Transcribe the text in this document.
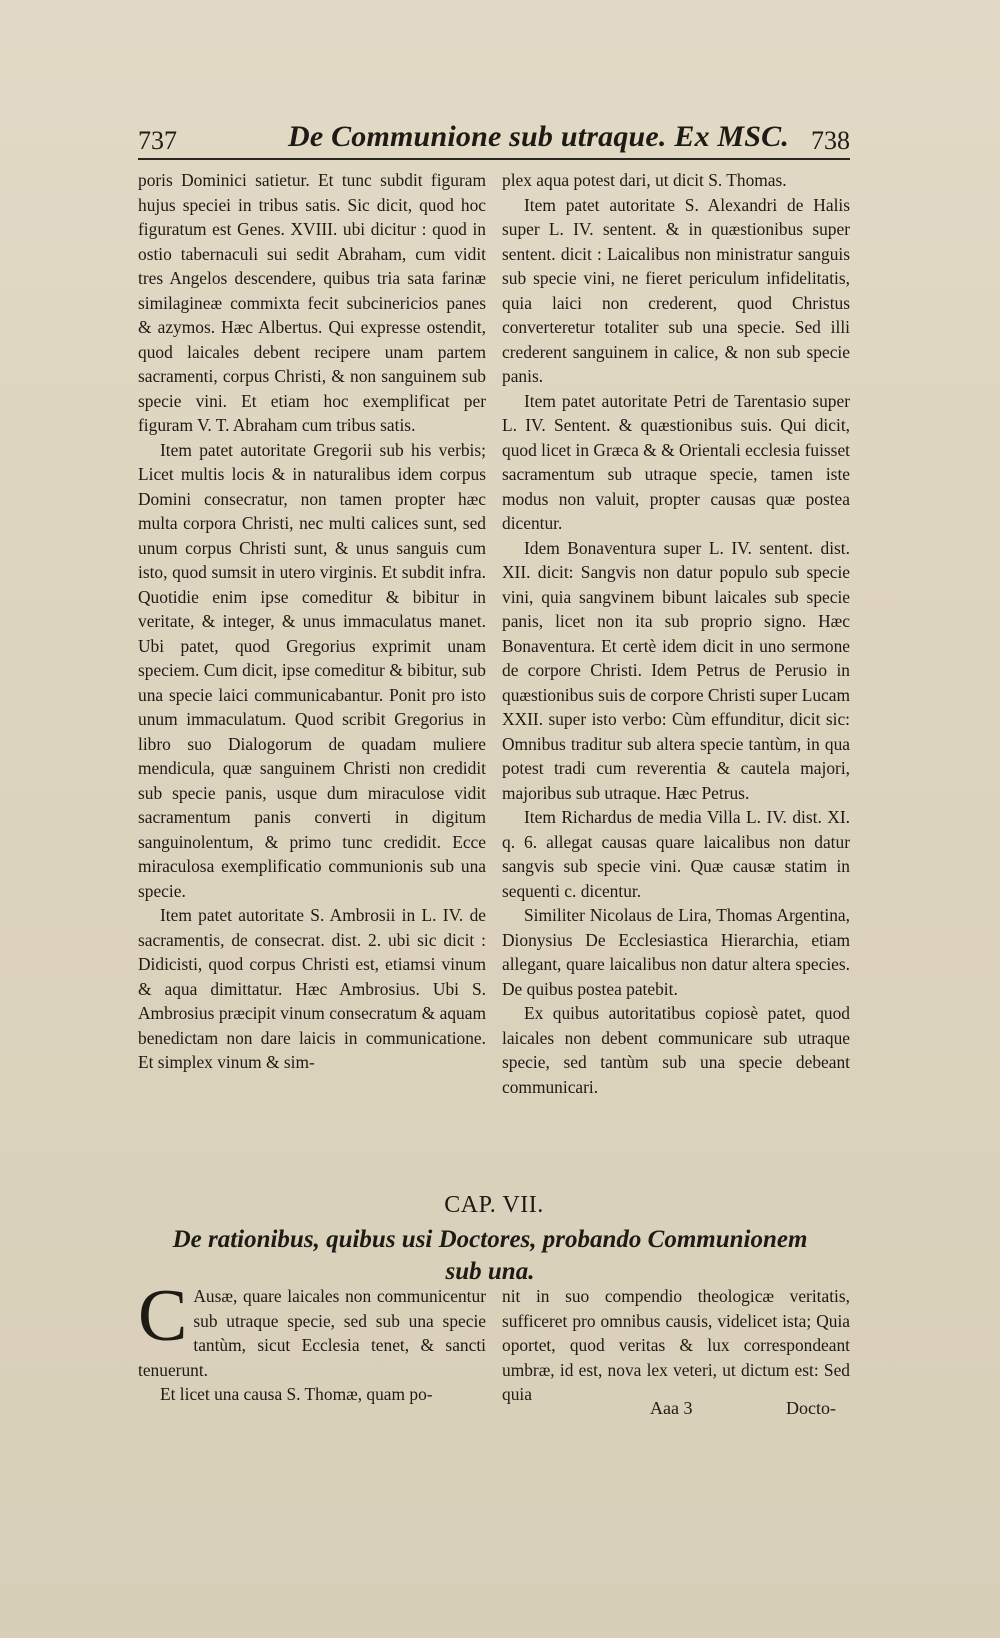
737	De Communione sub utraque. Ex MSC. 738

poris Dominici satietur. Et tunc subdit figuram hujus speciei in tribus satis. Sic dicit, quod hoc figuratum est Genes. XVIII. ubi dicitur : quod in ostio tabernaculi sui sedit Abraham, cum vidit tres Angelos descendere, quibus tria sata farinæ similagineæ commixta fecit subcinericios panes & azymos. Hæc Albertus. Qui expresse ostendit, quod laicales debent recipere unam partem sacramenti, corpus Christi, & non sanguinem sub specie vini. Et etiam hoc exemplificat per figuram V. T. Abraham cum tribus satis.

Item patet autoritate Gregorii sub his verbis; Licet multis locis & in naturalibus idem corpus Domini consecratur, non tamen propter hæc multa corpora Christi, nec multi calices sunt, sed unum corpus Christi sunt, & unus sanguis cum isto, quod sumsit in utero virginis. Et subdit infra. Quotidie enim ipse comeditur & bibitur in veritate, & integer, & unus immaculatus manet. Ubi patet, quod Gregorius exprimit unam speciem. Cum dicit, ipse comeditur & bibitur, sub una specie laici communicabantur. Ponit pro isto unum immaculatum. Quod scribit Gregorius in libro suo Dialogorum de quadam muliere mendicula, quæ sanguinem Christi non credidit sub specie panis, usque dum miraculose vidit sacramentum panis converti in digitum sanguinolentum, & primo tunc credidit. Ecce miraculosa exemplificatio communionis sub una specie.

Item patet autoritate S. Ambrosii in L. IV. de sacramentis, de consecrat. dist. 2. ubi sic dicit : Didicisti, quod corpus Christi est, etiamsi vinum & aqua dimittatur. Hæc Ambrosius. Ubi S. Ambrosius præcipit vinum consecratum & aquam benedictam non dare laicis in communicatione. Et simplex vinum & sim-

plex aqua potest dari, ut dicit S. Thomas.

Item patet autoritate S. Alexandri de Halis super L. IV. sentent. & in quæstionibus super sentent. dicit : Laicalibus non ministratur sanguis sub specie vini, ne fieret periculum infidelitatis, quia laici non crederent, quod Christus converteretur totaliter sub una specie. Sed illi crederent sanguinem in calice, & non sub specie panis.

Item patet autoritate Petri de Tarentasio super L. IV. Sentent. & quæstionibus suis. Qui dicit, quod licet in Græca & & Orientali ecclesia fuisset sacramentum sub utraque specie, tamen iste modus non valuit, propter causas quæ postea dicentur.

Idem Bonaventura super L. IV. sentent. dist. XII. dicit: Sangvis non datur populo sub specie vini, quia sangvinem bibunt laicales sub specie panis, licet non ita sub proprio signo. Hæc Bonaventura. Et certè idem dicit in uno sermone de corpore Christi. Idem Petrus de Perusio in quæstionibus suis de corpore Christi super Lucam XXII. super isto verbo: Cùm effunditur, dicit sic: Omnibus traditur sub altera specie tantùm, in qua potest tradi cum reverentia & cautela majori, majoribus sub utraque. Hæc Petrus.

Item Richardus de media Villa L. IV. dist. XI. q. 6. allegat causas quare laicalibus non datur sangvis sub specie vini. Quæ causæ statim in sequenti c. dicentur.

Similiter Nicolaus de Lira, Thomas Argentina, Dionysius De Ecclesiastica Hierarchia, etiam allegant, quare laicalibus non datur altera species. De quibus postea patebit.

Ex quibus autoritatibus copiosè patet, quod laicales non debent communicare sub utraque specie, sed tantùm sub una specie debeant communicari.

CAP. VII.
De rationibus, quibus usi Doctores, probando Communionem sub una.

C Ausæ, quare laicales non communicentur sub utraque specie, sed sub una specie tantùm, sicut Ecclesia tenet, & sancti tenuerunt.

Et licet una causa S. Thomæ, quam po-

nit in suo compendio theologicæ veritatis, sufficeret pro omnibus causis, videlicet ista; Quia oportet, quod veritas & lux correspondeant umbræ, id est, nova lex veteri, ut dictum est: Sed quia

Aaa 3	Docto-
